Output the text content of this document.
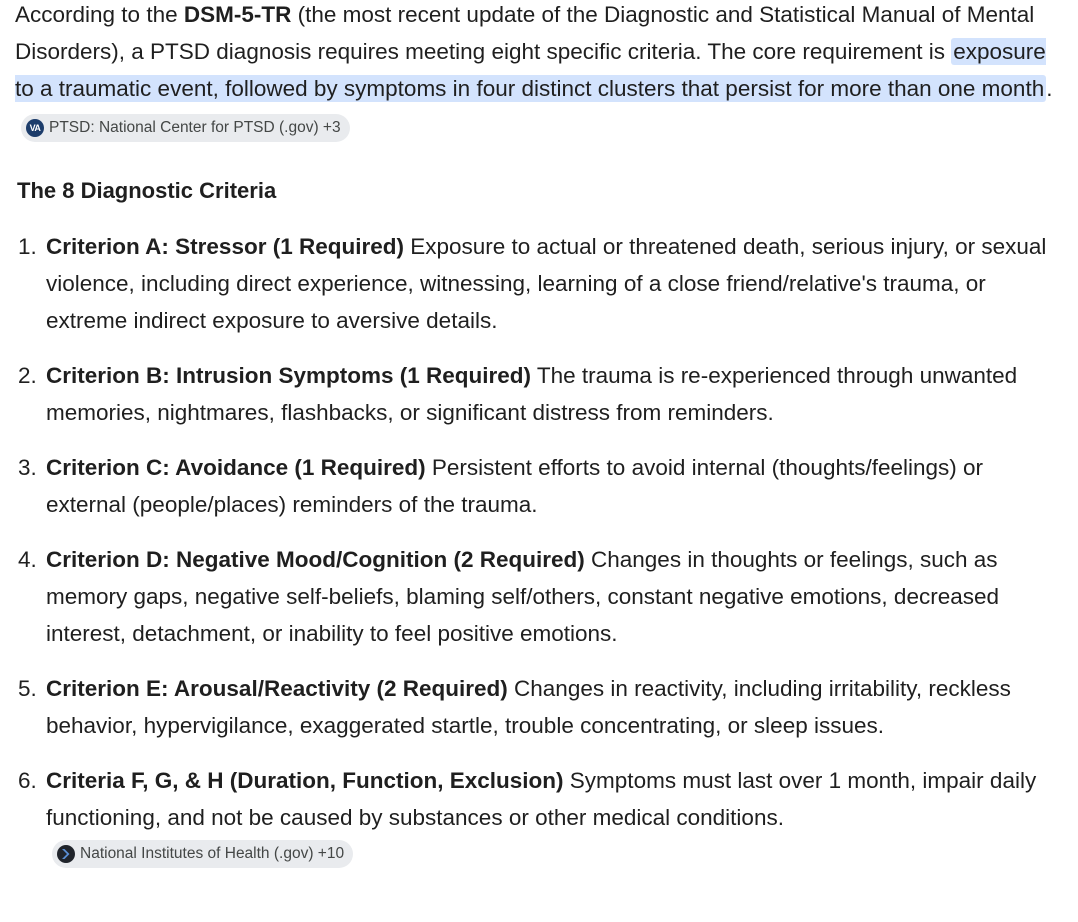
According to the DSM-5-TR (the most recent update of the Diagnostic and Statistical Manual of Mental Disorders), a PTSD diagnosis requires meeting eight specific criteria. The core requirement is exposure to a traumatic event, followed by symptoms in four distinct clusters that persist for more than one month.
VA PTSD: National Center for PTSD (.gov) +3

The 8 Diagnostic Criteria
1. Criterion A: Stressor (1 Required) Exposure to actual or threatened death, serious injury, or sexual violence, including direct experience, witnessing, learning of a close friend/relative's trauma, or extreme indirect exposure to aversive details.
2. Criterion B: Intrusion Symptoms (1 Required) The trauma is re-experienced through unwanted memories, nightmares, flashbacks, or significant distress from reminders.
3. Criterion C: Avoidance (1 Required) Persistent efforts to avoid internal (thoughts/feelings) or external (people/places) reminders of the trauma.
4. Criterion D: Negative Mood/Cognition (2 Required) Changes in thoughts or feelings, such as memory gaps, negative self-beliefs, blaming self/others, constant negative emotions, decreased interest, detachment, or inability to feel positive emotions.
5. Criterion E: Arousal/Reactivity (2 Required) Changes in reactivity, including irritability, reckless behavior, hypervigilance, exaggerated startle, trouble concentrating, or sleep issues.
6. Criteria F, G, & H (Duration, Function, Exclusion) Symptoms must last over 1 month, impair daily functioning, and not be caused by substances or other medical conditions.
National Institutes of Health (.gov) +10
